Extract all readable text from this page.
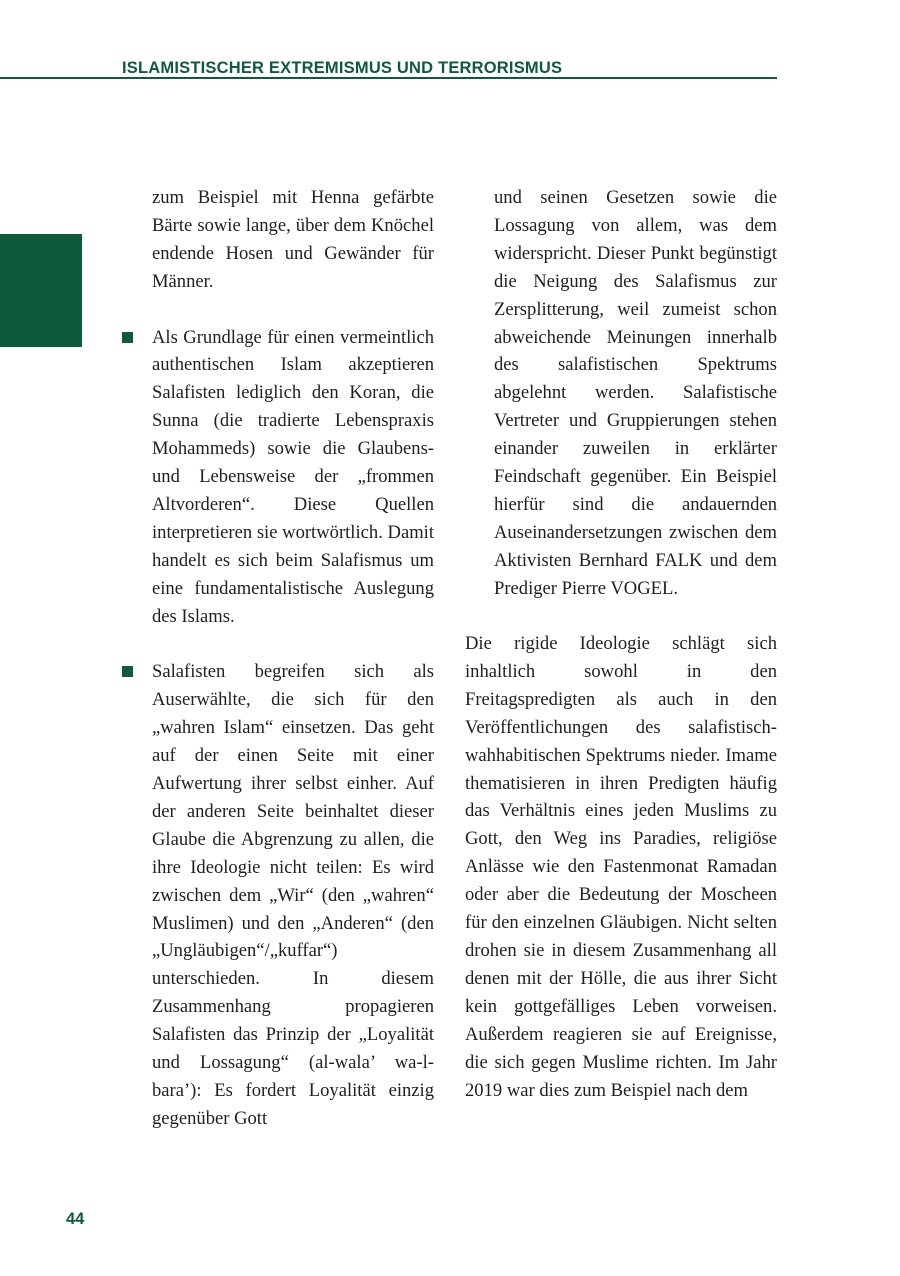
ISLAMISTISCHER EXTREMISMUS UND TERRORISMUS

zum Beispiel mit Henna gefärbte Bärte sowie lange, über dem Knöchel endende Hosen und Gewänder für Männer.

Als Grundlage für einen vermeintlich authentischen Islam akzeptieren Salafisten lediglich den Koran, die Sunna (die tradierte Lebenspraxis Mohammeds) sowie die Glaubens- und Lebensweise der „frommen Altvorderen“. Diese Quellen interpretieren sie wortwörtlich. Damit handelt es sich beim Salafismus um eine fundamentalistische Auslegung des Islams.

Salafisten begreifen sich als Auserwählte, die sich für den „wahren Islam“ einsetzen. Das geht auf der einen Seite mit einer Aufwertung ihrer selbst einher. Auf der anderen Seite beinhaltet dieser Glaube die Abgrenzung zu allen, die ihre Ideologie nicht teilen: Es wird zwischen dem „Wir“ (den „wahren“ Muslimen) und den „Anderen“ (den „Ungläubigen“/„kuffar“) unterschieden. In diesem Zusammenhang propagieren Salafisten das Prinzip der „Loyalität und Lossagung“ (al-wala’ wa-l-bara’): Es fordert Loyalität einzig gegenüber Gott

und seinen Gesetzen sowie die Lossagung von allem, was dem widerspricht. Dieser Punkt begünstigt die Neigung des Salafismus zur Zersplitterung, weil zumeist schon abweichende Meinungen innerhalb des salafistischen Spektrums abgelehnt werden. Salafistische Vertreter und Gruppierungen stehen einander zuweilen in erklärter Feindschaft gegenüber. Ein Beispiel hierfür sind die andauernden Auseinandersetzungen zwischen dem Aktivisten Bernhard FALK und dem Prediger Pierre VOGEL.

Die rigide Ideologie schlägt sich inhaltlich sowohl in den Freitagspredigten als auch in den Veröffentlichungen des salafistisch-wahhabitischen Spektrums nieder. Imame thematisieren in ihren Predigten häufig das Verhältnis eines jeden Muslims zu Gott, den Weg ins Paradies, religiöse Anlässe wie den Fastenmonat Ramadan oder aber die Bedeutung der Moscheen für den einzelnen Gläubigen. Nicht selten drohen sie in diesem Zusammenhang all denen mit der Hölle, die aus ihrer Sicht kein gottgefälliges Leben vorweisen. Außerdem reagieren sie auf Ereignisse, die sich gegen Muslime richten. Im Jahr 2019 war dies zum Beispiel nach dem

44
